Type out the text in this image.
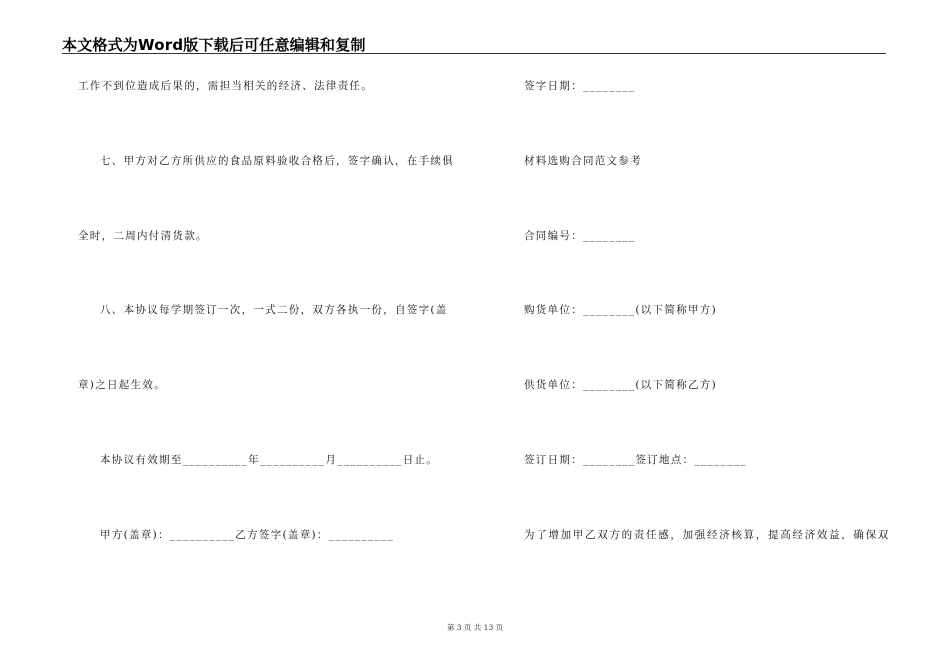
本文格式为Word版下载后可任意编辑和复制
工作不到位造成后果的，需担当相关的经济、法律责任。
七、甲方对乙方所供应的食品原料验收合格后，签字确认，在手续俱
全时，二周内付清货款。
八、本协议每学期签订一次，一式二份，双方各执一份，自签字(盖
章)之日起生效。
本协议有效期至__________年__________月__________日止。
甲方(盖章)：__________乙方签字(盖章)：__________
签字日期：________
材料选购合同范文参考
合同编号：________
购货单位：________(以下简称甲方)
供货单位：________(以下简称乙方)
签订日期：________签订地点：________
为了增加甲乙双方的责任感，加强经济核算，提高经济效益，确保双
第 3 页 共 13 页
